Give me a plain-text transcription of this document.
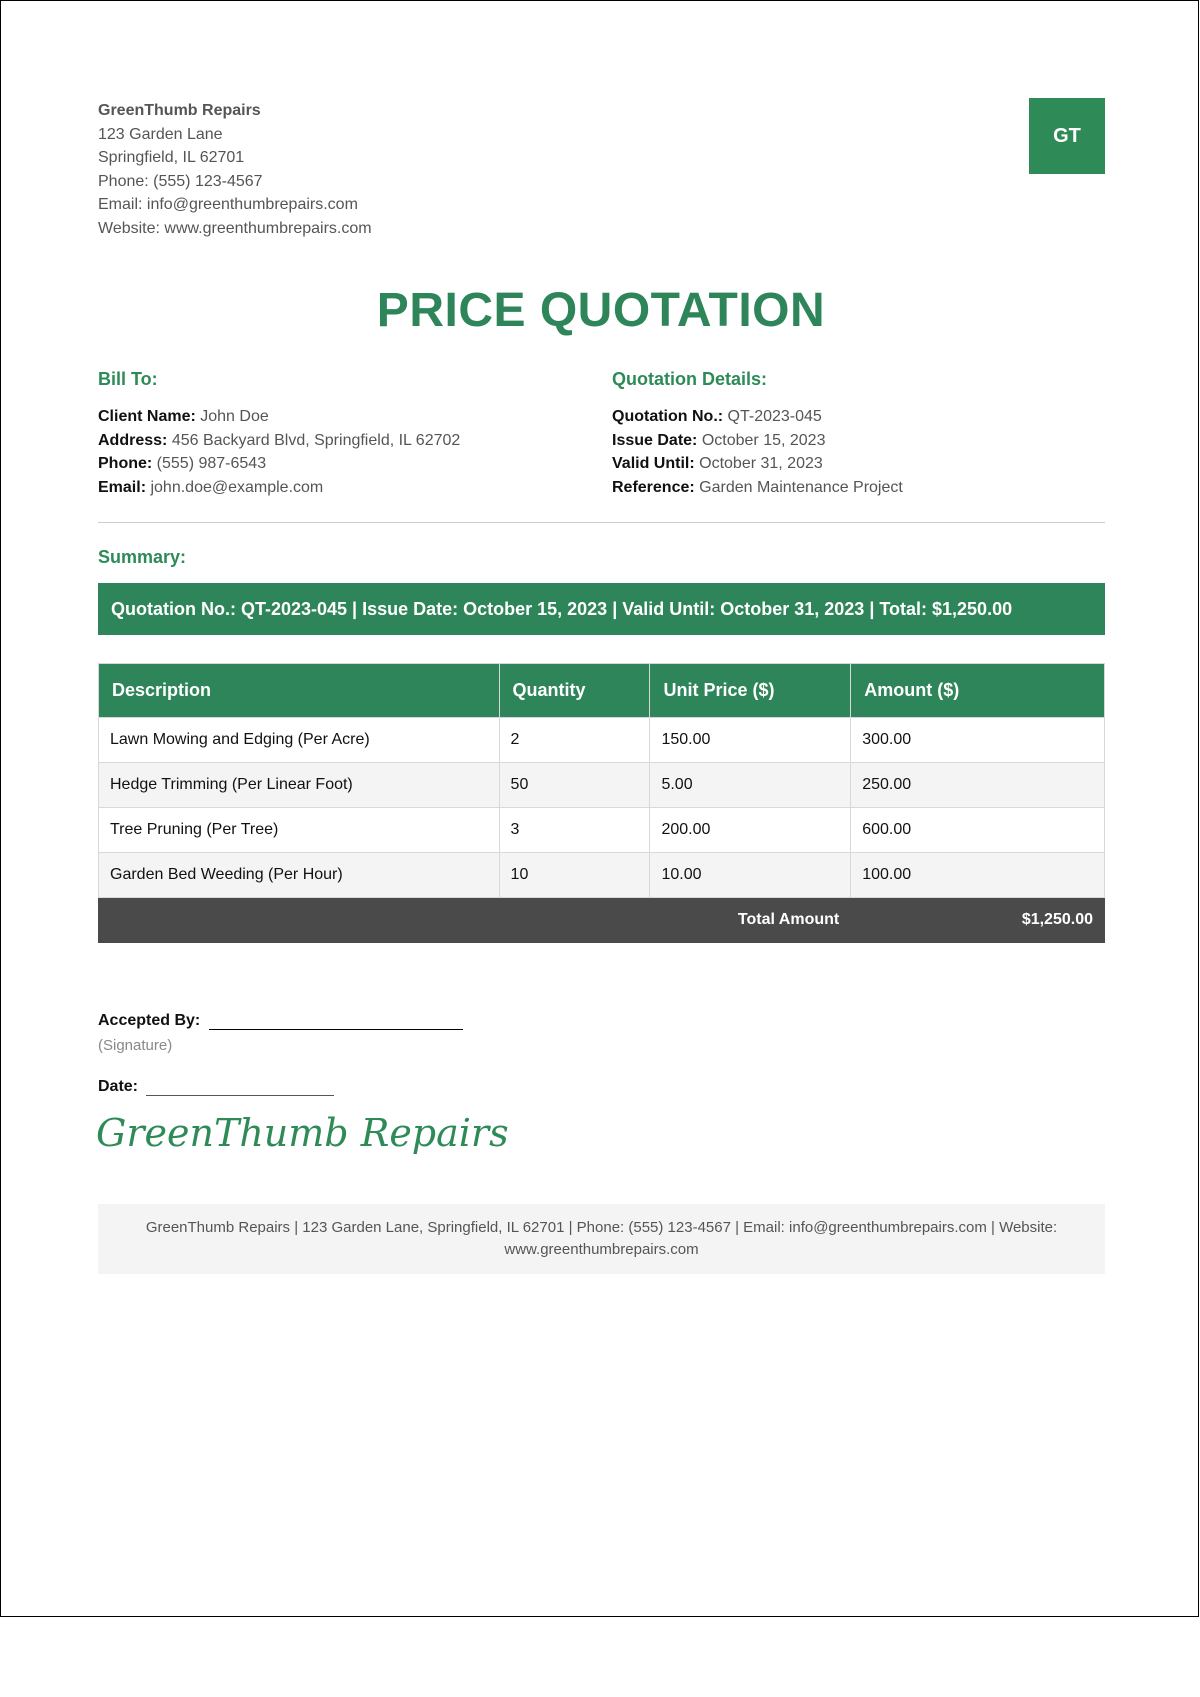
GreenThumb Repairs
123 Garden Lane
Springfield, IL 62701
Phone: (555) 123-4567
Email: info@greenthumbrepairs.com
Website: www.greenthumbrepairs.com
GT
PRICE QUOTATION
Bill To:
Client Name: John Doe
Address: 456 Backyard Blvd, Springfield, IL 62702
Phone: (555) 987-6543
Email: john.doe@example.com
Quotation Details:
Quotation No.: QT-2023-045
Issue Date: October 15, 2023
Valid Until: October 31, 2023
Reference: Garden Maintenance Project
Summary:
Quotation No.: QT-2023-045 | Issue Date: October 15, 2023 | Valid Until: October 31, 2023 | Total: $1,250.00
Description	Quantity	Unit Price ($)	Amount ($)
Lawn Mowing and Edging (Per Acre)	2	150.00	300.00
Hedge Trimming (Per Linear Foot)	50	5.00	250.00
Tree Pruning (Per Tree)	3	200.00	600.00
Garden Bed Weeding (Per Hour)	10	10.00	100.00
Total Amount			$1,250.00
Accepted By:
(Signature)
Date:
GreenThumb Repairs
GreenThumb Repairs | 123 Garden Lane, Springfield, IL 62701 | Phone: (555) 123-4567 | Email: info@greenthumbrepairs.com | Website: www.greenthumbrepairs.com
